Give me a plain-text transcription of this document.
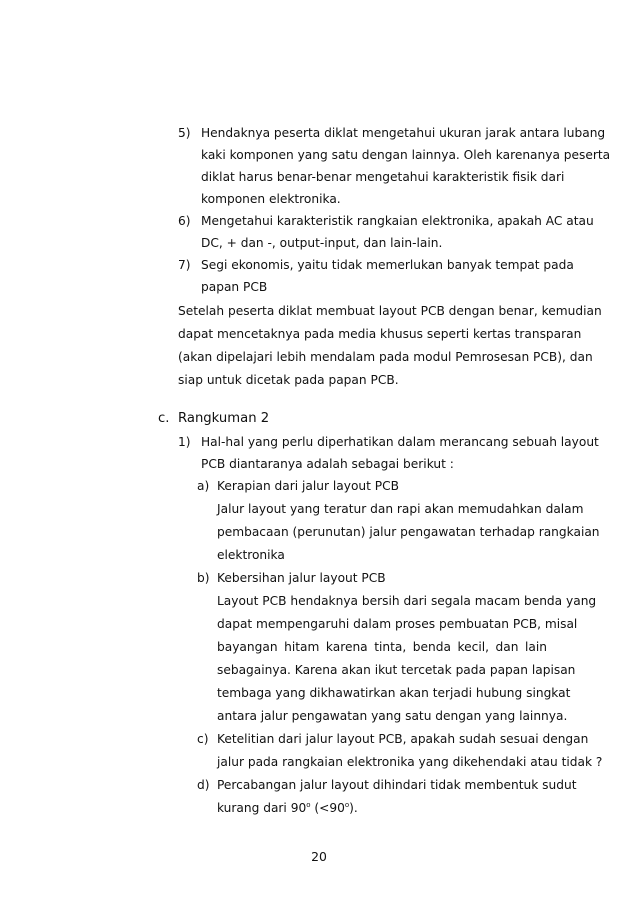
5) Hendaknya peserta diklat mengetahui ukuran jarak antara lubang
kaki komponen yang satu dengan lainnya. Oleh karenanya peserta
diklat harus benar-benar mengetahui karakteristik fisik dari
komponen elektronika.
6) Mengetahui karakteristik rangkaian elektronika, apakah AC atau
DC, + dan -, output-input, dan lain-lain.
7) Segi ekonomis, yaitu tidak memerlukan banyak tempat pada
papan PCB
Setelah peserta diklat membuat layout PCB dengan benar, kemudian
dapat mencetaknya pada media khusus seperti kertas transparan
(akan dipelajari lebih mendalam pada modul Pemrosesan PCB), dan
siap untuk dicetak pada papan PCB.
c. Rangkuman 2
1) Hal-hal yang perlu diperhatikan dalam merancang sebuah layout
PCB diantaranya adalah sebagai berikut :
a) Kerapian dari jalur layout PCB
Jalur layout yang teratur dan rapi akan memudahkan dalam
pembacaan (perunutan) jalur pengawatan terhadap rangkaian
elektronika
b) Kebersihan jalur layout PCB
Layout PCB hendaknya bersih dari segala macam benda yang
dapat mempengaruhi dalam proses pembuatan PCB, misal
bayangan hitam karena tinta, benda kecil, dan lain
sebagainya. Karena akan ikut tercetak pada papan lapisan
tembaga yang dikhawatirkan akan terjadi hubung singkat
antara jalur pengawatan yang satu dengan yang lainnya.
c) Ketelitian dari jalur layout PCB, apakah sudah sesuai dengan
jalur pada rangkaian elektronika yang dikehendaki atau tidak ?
d) Percabangan jalur layout dihindari tidak membentuk sudut
kurang dari 90$^o$ $(<90^o)$.
20
